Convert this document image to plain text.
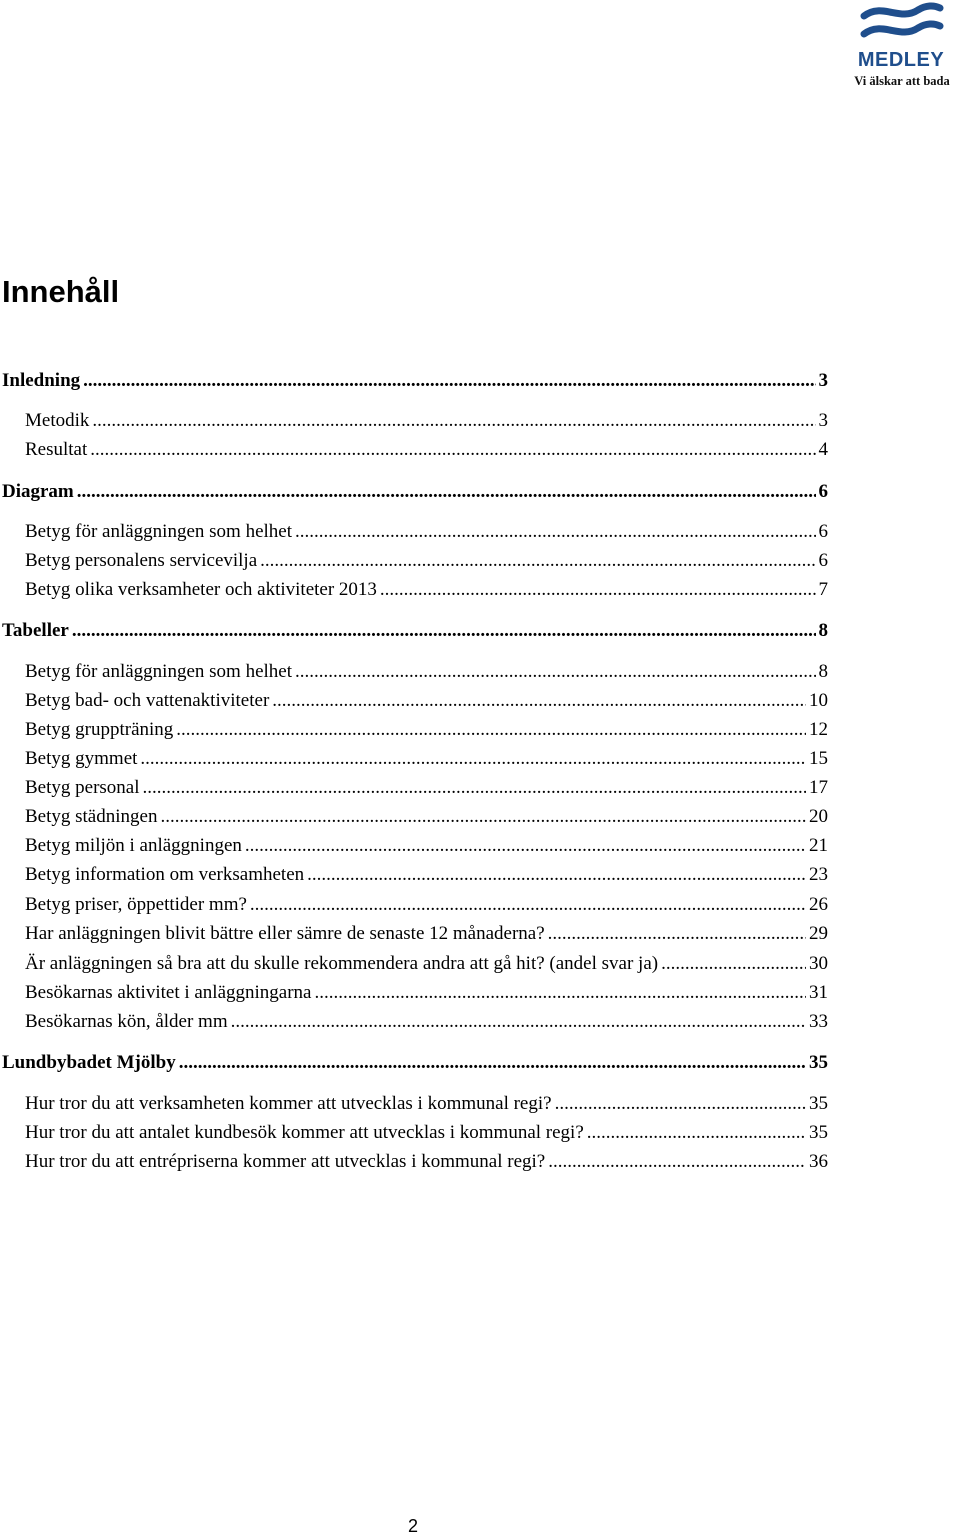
MEDLEY
Vi älskar att bada
Innehåll
Inledning .....	3
Metodik .....	3
Resultat .....	4
Diagram .....	6
Betyg för anläggningen som helhet .....	6
Betyg personalens servicevilja .....	6
Betyg olika verksamheter och aktiviteter 2013 .....	7
Tabeller .....	8
Betyg för anläggningen som helhet .....	8
Betyg bad- och vattenaktiviteter .....	10
Betyg gruppträning .....	12
Betyg gymmet .....	15
Betyg personal .....	17
Betyg städningen .....	20
Betyg miljön i anläggningen .....	21
Betyg information om verksamheten .....	23
Betyg priser, öppettider mm? .....	26
Har anläggningen blivit bättre eller sämre de senaste 12 månaderna? .....	29
Är anläggningen så bra att du skulle rekommendera andra att gå hit? (andel svar ja) .....	30
Besökarnas aktivitet i anläggningarna .....	31
Besökarnas kön, ålder mm .....	33
Lundbybadet Mjölby .....	35
Hur tror du att verksamheten kommer att utvecklas i kommunal regi? .....	35
Hur tror du att antalet kundbesök kommer att utvecklas i kommunal regi? .....	35
Hur tror du att entrépriserna kommer att utvecklas i kommunal regi? .....	36
2
